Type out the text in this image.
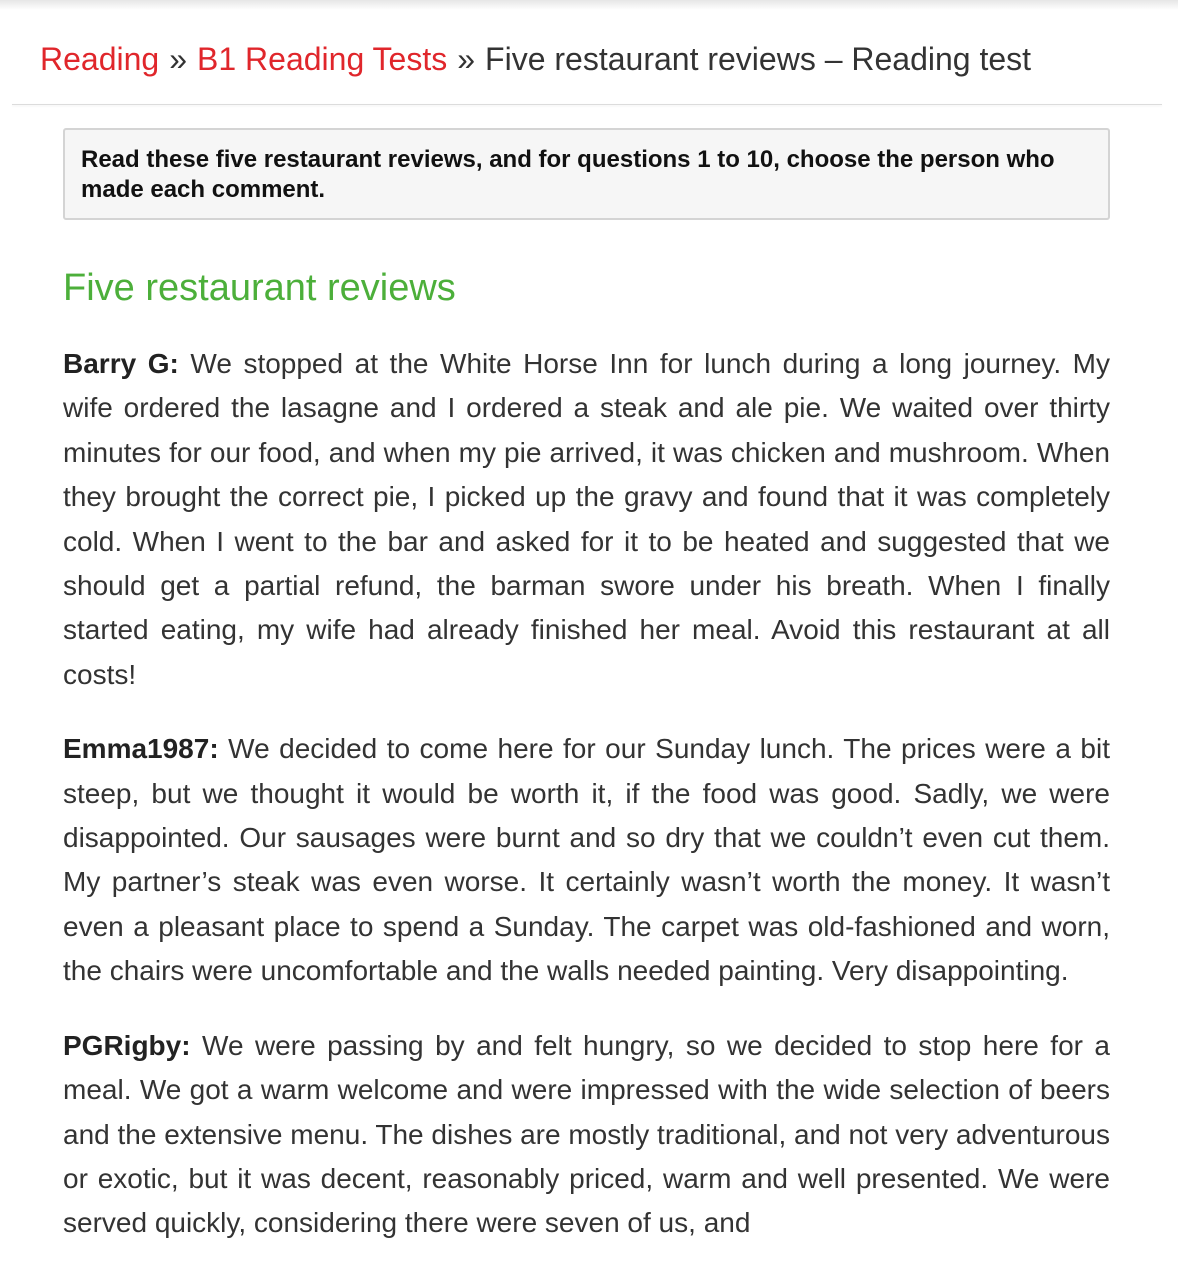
Reading » B1 Reading Tests » Five restaurant reviews – Reading test
Read these five restaurant reviews, and for questions 1 to 10, choose the person who made each comment.
Five restaurant reviews

Barry G: We stopped at the White Horse Inn for lunch during a long journey. My wife ordered the lasagne and I ordered a steak and ale pie. We waited over thirty minutes for our food, and when my pie arrived, it was chicken and mushroom. When they brought the correct pie, I picked up the gravy and found that it was completely cold. When I went to the bar and asked for it to be heated and suggested that we should get a partial refund, the barman swore under his breath. When I finally started eating, my wife had already finished her meal. Avoid this restaurant at all costs!

Emma1987: We decided to come here for our Sunday lunch. The prices were a bit steep, but we thought it would be worth it, if the food was good. Sadly, we were disappointed. Our sausages were burnt and so dry that we couldn’t even cut them. My partner’s steak was even worse. It certainly wasn’t worth the money. It wasn’t even a pleasant place to spend a Sunday. The carpet was old-fashioned and worn, the chairs were uncomfortable and the walls needed painting. Very disappointing.

PGRigby: We were passing by and felt hungry, so we decided to stop here for a meal. We got a warm welcome and were impressed with the wide selection of beers and the extensive menu. The dishes are mostly traditional, and not very adventurous or exotic, but it was decent, reasonably priced, warm and well presented. We were served quickly, considering there were seven of us, and
